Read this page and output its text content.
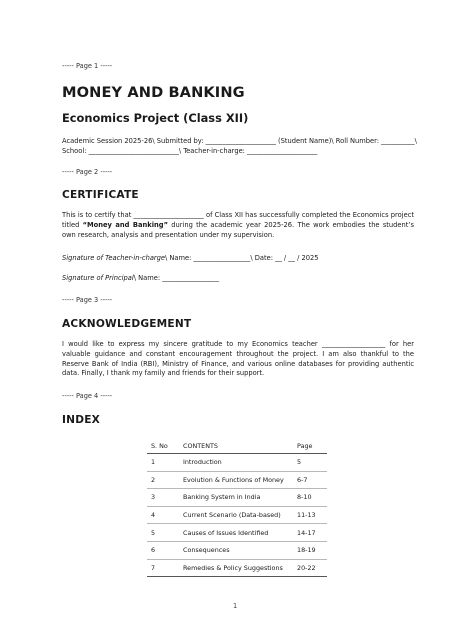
----- Page 1 -----
MONEY AND BANKING
Economics Project (Class XII)
Academic Session 2025-26\ Submitted by: _____________________ (Student Name)\ Roll Number: __________\
School: ___________________________\ Teacher-in-charge: _____________________
----- Page 2 -----
CERTIFICATE
This is to certify that _____________________ of Class XII has successfully completed the Economics project titled “Money and Banking” during the academic year 2025-26. The work embodies the student’s own research, analysis and presentation under my supervision.
Signature of Teacher-in-charge\ Name: _________________\ Date: __ / __ / 2025
Signature of Principal\ Name: _________________
----- Page 3 -----
ACKNOWLEDGEMENT
I would like to express my sincere gratitude to my Economics teacher ___________________ for her valuable guidance and constant encouragement throughout the project. I am also thankful to the Reserve Bank of India (RBI), Ministry of Finance, and various online databases for providing authentic data. Finally, I thank my family and friends for their support.
----- Page 4 -----
INDEX
S. No	CONTENTS	Page
1	Introduction	5
2	Evolution & Functions of Money	6-7
3	Banking System in India	8-10
4	Current Scenario (Data-based)	11-13
5	Causes of Issues Identified	14-17
6	Consequences	18-19
7	Remedies & Policy Suggestions	20-22
1
